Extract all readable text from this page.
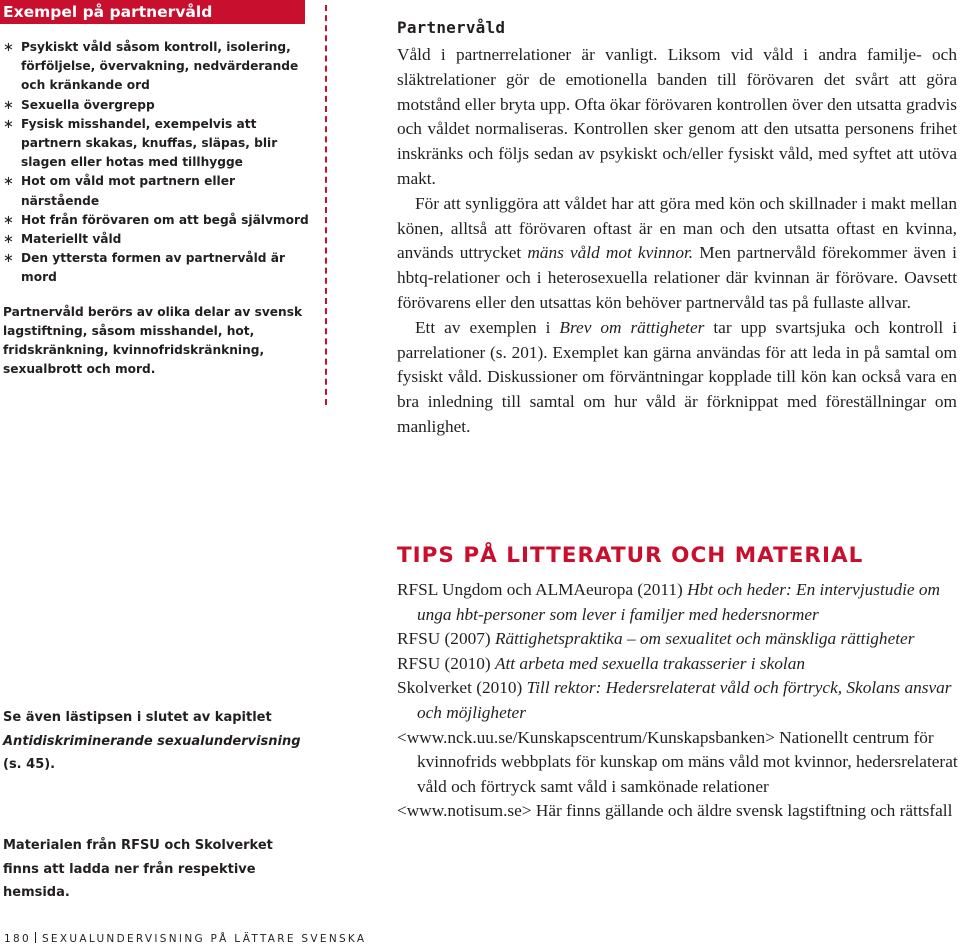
Exempel på partnervåld
∗ Psykiskt våld såsom kontroll, isolering, förföljelse, övervakning, nedvärderande och kränkande ord
∗ Sexuella övergrepp
∗ Fysisk misshandel, exempelvis att partnern skakas, knuffas, släpas, blir slagen eller hotas med tillhygge
∗ Hot om våld mot partnern eller närstående
∗ Hot från förövaren om att begå självmord
∗ Materiellt våld
∗ Den yttersta formen av partnervåld är mord

Partnervåld berörs av olika delar av svensk lagstiftning, såsom misshandel, hot, fridskränkning, kvinnofridskränkning, sexualbrott och mord.

Partnervåld

Våld i partnerrelationer är vanligt. Liksom vid våld i andra familje- och släktrelationer gör de emotionella banden till förövaren det svårt att göra motstånd eller bryta upp. Ofta ökar förövaren kontrollen över den utsatta gradvis och våldet normaliseras. Kontrollen sker genom att den utsatta personens frihet inskränks och följs sedan av psykiskt och/eller fysiskt våld, med syftet att utöva makt.

För att synliggöra att våldet har att göra med kön och skillnader i makt mellan könen, alltså att förövaren oftast är en man och den utsatta oftast en kvinna, används uttrycket mäns våld mot kvinnor. Men partnervåld förekommer även i hbtq-relationer och i heterosexuella relationer där kvinnan är förövare. Oavsett förövarens eller den utsattas kön behöver partnervåld tas på fullaste allvar.

Ett av exemplen i Brev om rättigheter tar upp svartsjuka och kontroll i parrelationer (s. 201). Exemplet kan gärna användas för att leda in på samtal om fysiskt våld. Diskussioner om förväntningar kopplade till kön kan också vara en bra inledning till samtal om hur våld är förknippat med föreställningar om manlighet.

TIPS PÅ LITTERATUR OCH MATERIAL
RFSL Ungdom och ALMAeuropa (2011) Hbt och heder: En intervjustudie om unga hbt-personer som lever i familjer med hedersnormer
RFSU (2007) Rättighetspraktika – om sexualitet och mänskliga rättigheter
RFSU (2010) Att arbeta med sexuella trakasserier i skolan
Skolverket (2010) Till rektor: Hedersrelaterat våld och förtryck, Skolans ansvar och möjligheter
<www.nck.uu.se/Kunskapscentrum/Kunskapsbanken> Nationellt centrum för kvinnofrids webbplats för kunskap om mäns våld mot kvinnor, hedersrelaterat våld och förtryck samt våld i samkönade relationer
<www.notisum.se> Här finns gällande och äldre svensk lagstiftning och rättsfall
Se även lästipsen i slutet av kapitlet Antidiskriminerande sexualundervisning (s. 45).
Materialen från RFSU och Skolverket finns att ladda ner från respektive hemsida.
180 SEXUALUNDERVISNING PÅ LÄTTARE SVENSKA
